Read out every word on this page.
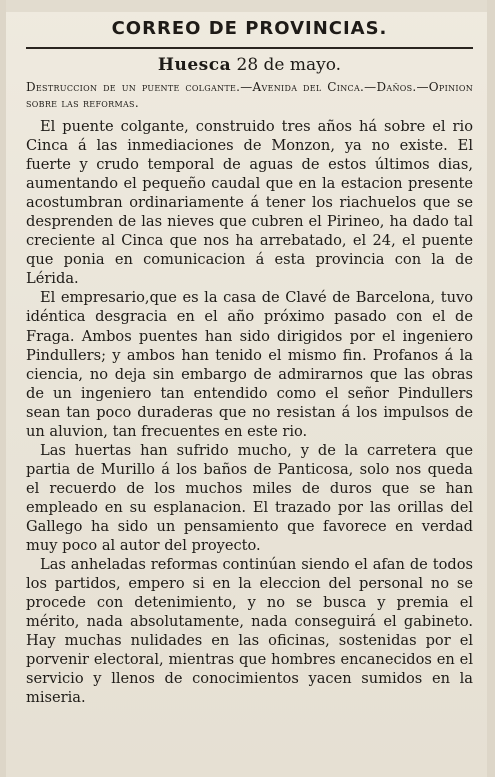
CORREO DE PROVINCIAS.
Huesca 28 de mayo.
Destruccion de un puente colgante.—Avenida del Cinca.—Daños.—Opinion sobre las reformas.

El puente colgante, construido tres años há sobre el rio Cinca á las inmediaciones de Monzon, ya no existe. El fuerte y crudo temporal de aguas de estos últimos dias, aumentando el pequeño caudal que en la estacion presente acostumbran ordinariamente á tener los riachuelos que se desprenden de las nieves que cubren el Pirineo, ha dado tal creciente al Cinca que nos ha arrebatado, el 24, el puente que ponia en comunicacion á esta provincia con la de Lérida.

El empresario,que es la casa de Clavé de Barcelona, tuvo idéntica desgracia en el año próximo pasado con el de Fraga. Ambos puentes han sido dirigidos por el ingeniero Pindullers; y ambos han tenido el mismo fin. Profanos á la ciencia, no deja sin embargo de admirarnos que las obras de un ingeniero tan entendido como el señor Pindullers sean tan poco duraderas que no resistan á los impulsos de un aluvion, tan frecuentes en este rio.

Las huertas han sufrido mucho, y de la carretera que partia de Murillo á los baños de Panticosa, solo nos queda el recuerdo de los muchos miles de duros que se han empleado en su esplanacion. El trazado por las orillas del Gallego ha sido un pensamiento que favorece en verdad muy poco al autor del proyecto.

Las anheladas reformas continúan siendo el afan de todos los partidos, empero si en la eleccion del personal no se procede con detenimiento, y no se busca y premia el mérito, nada absolutamente, nada conseguirá el gabineto. Hay muchas nulidades en las oficinas, sostenidas por el porvenir electoral, mientras que hombres encanecidos en el servicio y llenos de conocimientos yacen sumidos en la miseria.
